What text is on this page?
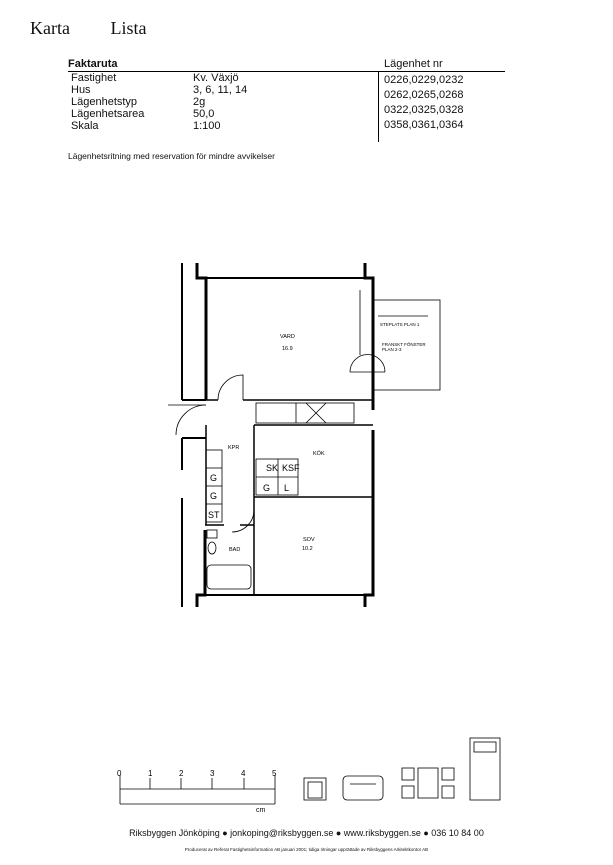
Karta Lista
Faktaruta	Lägenhet nr
Fastighet	Kv. Växjö
Hus	3, 6, 11, 14
Lägenhetstyp	2g
Lägenhetsarea	50,0
Skala	1:100
0226,0229,0232
0262,0265,0268
0322,0325,0328
0358,0361,0364
Lägenhetsritning med reservation för mindre avvikelser
VARD
16.9
KÖK
KPR
SOV
10.2
BAD
STEPLATS PLAN 1
FRANSKT FÖNSTER
PLAN 2-3
SK KSF
G L
G
G
ST
0	1	2	3	4	5
cm
Riksbyggen Jönköping ● jonkoping@riksbyggen.se ● www.riksbyggen.se ● 036 10 84 00
Producerat av Referat Fastighetsinformation AB januari 2001; tidiga ritningar upprättade av Riksbyggens Arkitektkontor AB
